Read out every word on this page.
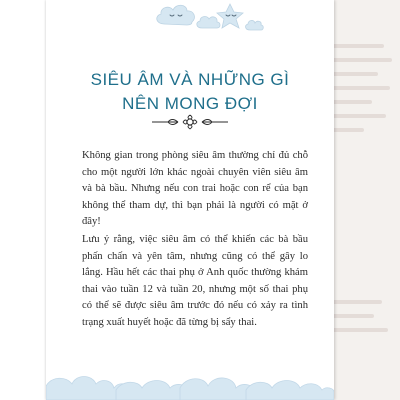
SIÊU ÂM VÀ NHỮNG GÌ
NÊN MONG ĐỢI

Không gian trong phòng siêu âm thường chỉ đủ chỗ cho một người lớn khác ngoài chuyên viên siêu âm và bà bầu. Nhưng nếu con trai hoặc con rể của bạn không thể tham dự, thì bạn phải là người có mặt ở đây!

Lưu ý rằng, việc siêu âm có thể khiến các bà bầu phấn chấn và yên tâm, nhưng cũng có thể gây lo lắng. Hầu hết các thai phụ ở Anh quốc thường khám thai vào tuần 12 và tuần 20, nhưng một số thai phụ có thể sẽ được siêu âm trước đó nếu có xảy ra tình trạng xuất huyết hoặc đã từng bị sẩy thai.
